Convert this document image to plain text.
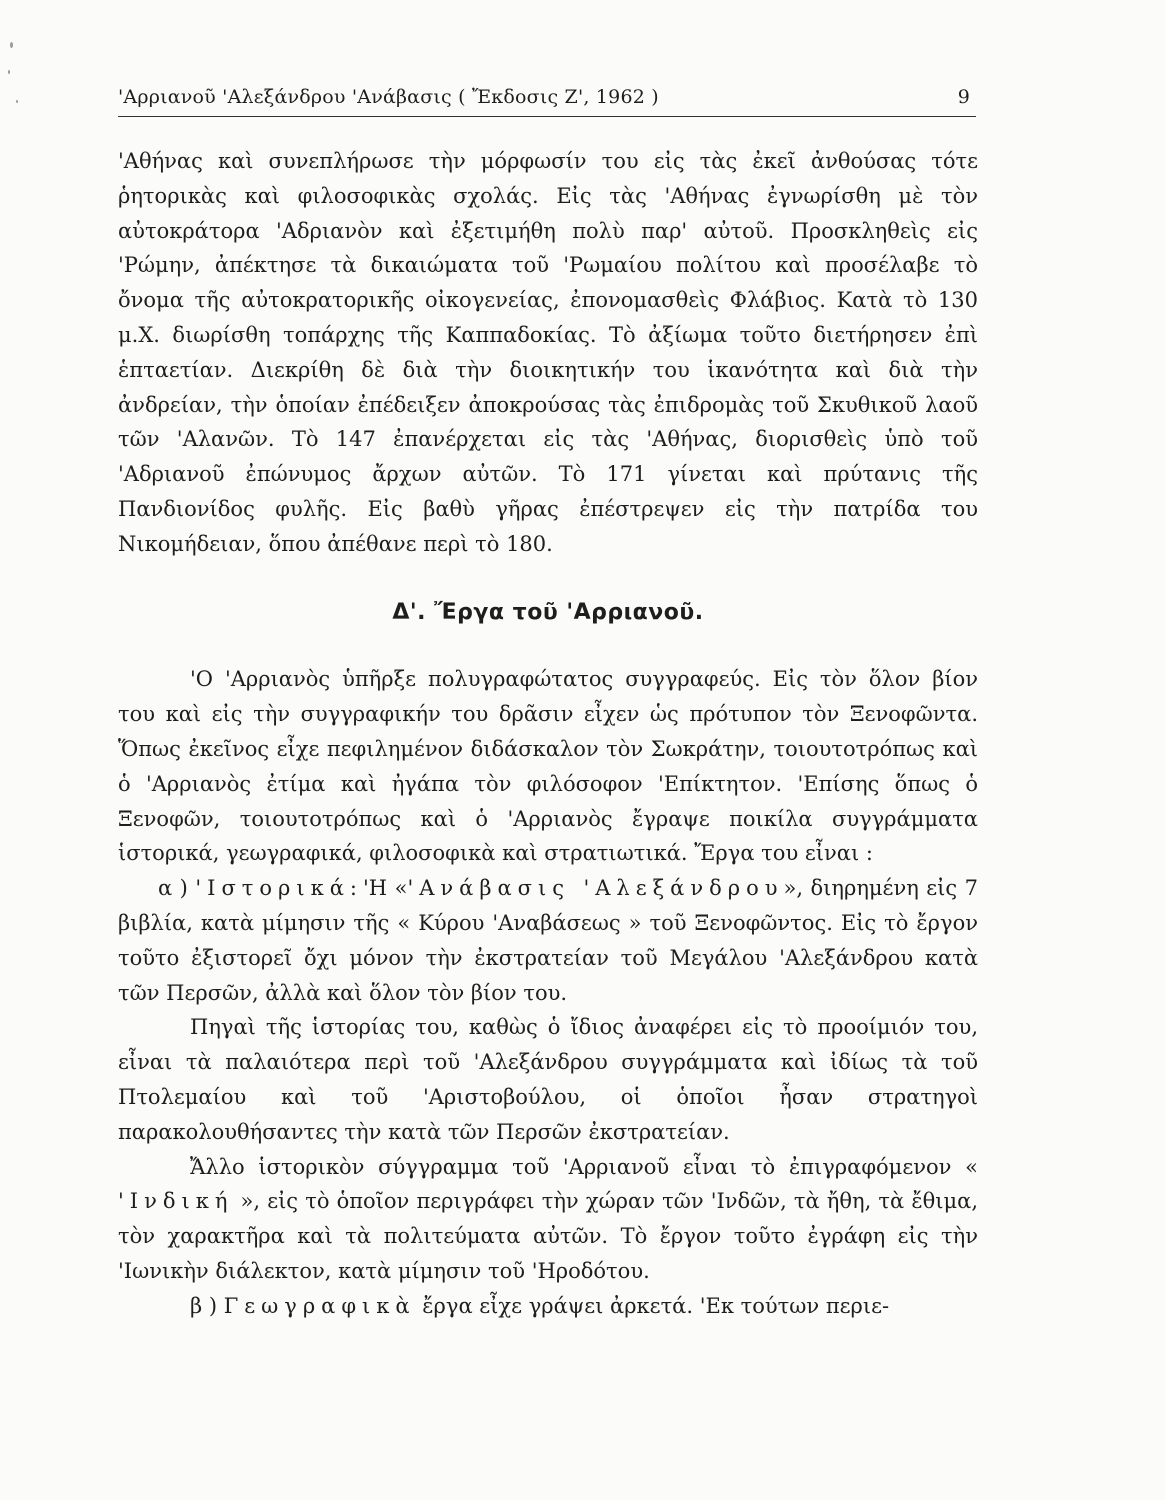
'Αρριανοῦ 'Αλεξάνδρου 'Ανάβασις ( Ἔκδοσις Ζ', 1962 )	9

'Αθήνας καὶ συνεπλήρωσε τὴν μόρφωσίν του εἰς τὰς ἐκεῖ ἀνθούσας τότε ῥητορικὰς καὶ φιλοσοφικὰς σχολάς. Εἰς τὰς 'Αθήνας ἐγνωρίσθη μὲ τὸν αὐτοκράτορα 'Αδριανὸν καὶ ἐξετιμήθη πολὺ παρ' αὐτοῦ. Προσκληθεὶς εἰς 'Ρώμην, ἀπέκτησε τὰ δικαιώματα τοῦ 'Ρωμαίου πολίτου καὶ προσέλαβε τὸ ὄνομα τῆς αὐτοκρατορικῆς οἰκογενείας, ἐπονομασθεὶς Φλάβιος. Κατὰ τὸ 130 μ.Χ. διωρίσθη τοπάρχης τῆς Καππαδοκίας. Τὸ ἀξίωμα τοῦτο διετήρησεν ἐπὶ ἑπταετίαν. Διεκρίθη δὲ διὰ τὴν διοικητικήν του ἱκανότητα καὶ διὰ τὴν ἀνδρείαν, τὴν ὁποίαν ἐπέδειξεν ἀποκρούσας τὰς ἐπιδρομὰς τοῦ Σκυθικοῦ λαοῦ τῶν 'Αλανῶν. Τὸ 147 ἐπανέρχεται εἰς τὰς 'Αθήνας, διορισθεὶς ὑπὸ τοῦ 'Αδριανοῦ ἐπώνυμος ἄρχων αὐτῶν. Τὸ 171 γίνεται καὶ πρύτανις τῆς Πανδιονίδος φυλῆς. Εἰς βαθὺ γῆρας ἐπέστρεψεν εἰς τὴν πατρίδα του Νικομήδειαν, ὅπου ἀπέθανε περὶ τὸ 180.

Δ'. Ἔργα τοῦ 'Αρριανοῦ.

'Ο 'Αρριανὸς ὑπῆρξε πολυγραφώτατος συγγραφεύς. Εἰς τὸν ὅλον βίον του καὶ εἰς τὴν συγγραφικήν του δρᾶσιν εἶχεν ὡς πρότυπον τὸν Ξενοφῶντα. Ὅπως ἐκεῖνος εἶχε πεφιλημένον διδάσκαλον τὸν Σωκράτην, τοιουτοτρόπως καὶ ὁ 'Αρριανὸς ἐτίμα καὶ ἠγάπα τὸν φιλόσοφον 'Επίκτητον. 'Επίσης ὅπως ὁ Ξενοφῶν, τοιουτοτρόπως καὶ ὁ 'Αρριανὸς ἔγραψε ποικίλα συγγράμματα ἱστορικά, γεωγραφικά, φιλοσοφικὰ καὶ στρατιωτικά. Ἔργα του εἶναι :

α ) 'Ιστορικά:'Η «'Ανάβασις 'Αλεξάνδρου», διηρημένη εἰς 7 βιβλία, κατὰ μίμησιν τῆς « Κύρου 'Αναβάσεως » τοῦ Ξενοφῶντος. Εἰς τὸ ἔργον τοῦτο ἐξιστορεῖ ὄχι μόνον τὴν ἐκστρατείαν τοῦ Μεγάλου 'Αλεξάνδρου κατὰ τῶν Περσῶν, ἀλλὰ καὶ ὅλον τὸν βίον του.

Πηγαὶ τῆς ἱστορίας του, καθὼς ὁ ἴδιος ἀναφέρει εἰς τὸ προοίμιόν του, εἶναι τὰ παλαιότερα περὶ τοῦ 'Αλεξάνδρου συγγράμματα καὶ ἰδίως τὰ τοῦ Πτολεμαίου καὶ τοῦ 'Αριστοβούλου, οἱ ὁποῖοι ἦσαν στρατηγοὶ παρακολουθήσαντες τὴν κατὰ τῶν Περσῶν ἐκστρατείαν.

Ἄλλο ἱστορικὸν σύγγραμμα τοῦ 'Αρριανοῦ εἶναι τὸ ἐπιγραφόμενον « 'Ινδική », εἰς τὸ ὁποῖον περιγράφει τὴν χώραν τῶν 'Ινδῶν, τὰ ἤθη, τὰ ἔθιμα, τὸν χαρακτῆρα καὶ τὰ πολιτεύματα αὐτῶν. Τὸ ἔργον τοῦτο ἐγράφη εἰς τὴν 'Ιωνικὴν διάλεκτον, κατὰ μίμησιν τοῦ 'Ηροδότου.

β ) Γεωγραφικὰ ἔργα εἶχε γράψει ἀρκετά. 'Εκ τούτων περιε-
